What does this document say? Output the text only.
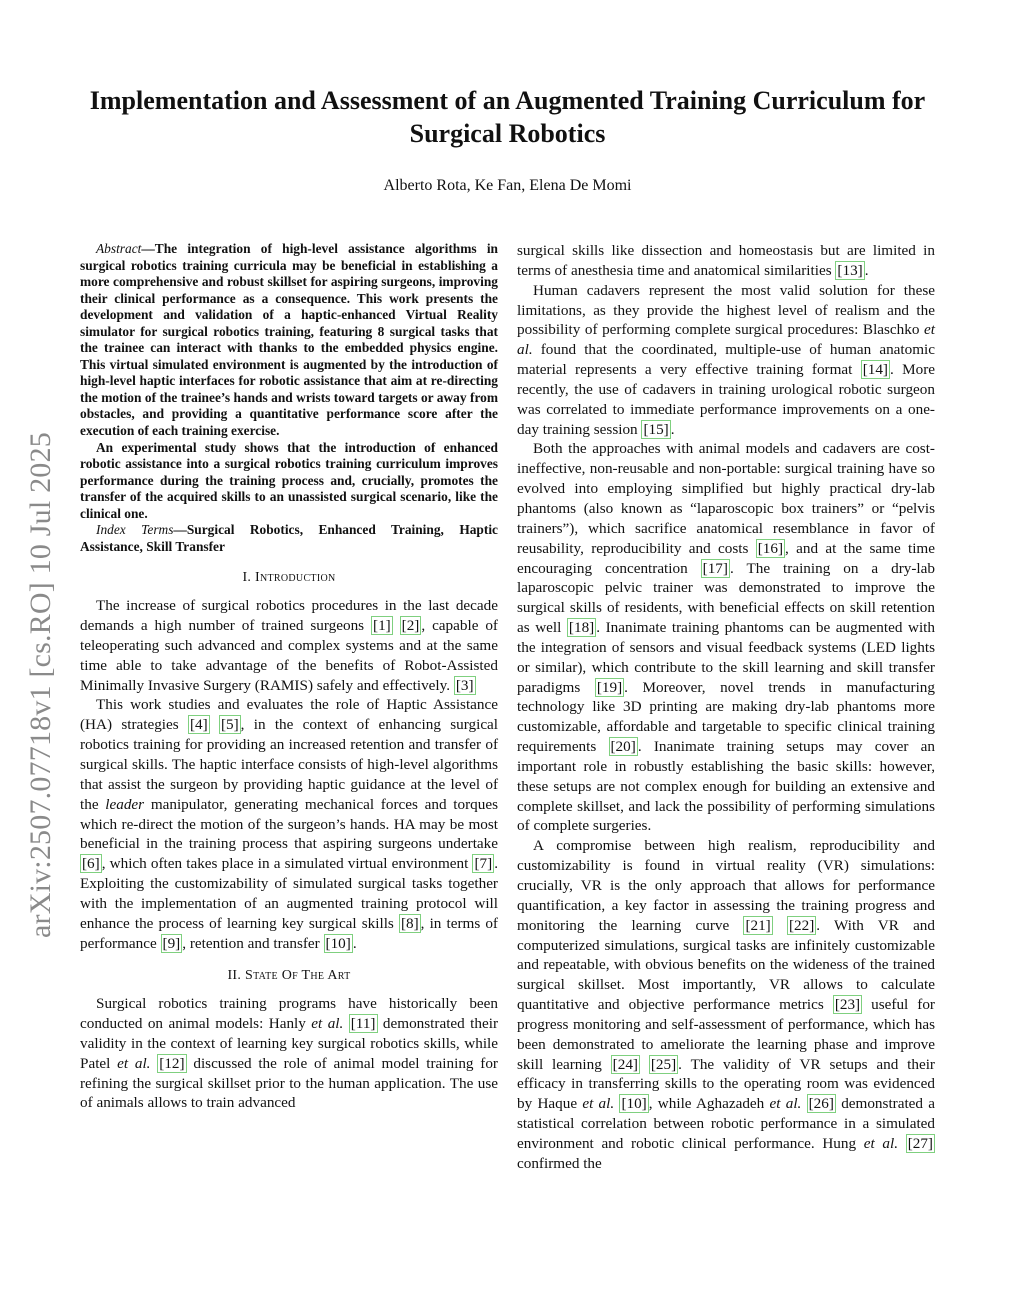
Implementation and Assessment of an Augmented Training Curriculum for Surgical Robotics
Alberto Rota, Ke Fan, Elena De Momi
arXiv:2507.07718v1 [cs.RO] 10 Jul 2025

Abstract—The integration of high-level assistance algorithms in surgical robotics training curricula may be beneficial in establishing a more comprehensive and robust skillset for aspiring surgeons, improving their clinical performance as a consequence. This work presents the development and validation of a haptic-enhanced Virtual Reality simulator for surgical robotics training, featuring 8 surgical tasks that the trainee can interact with thanks to the embedded physics engine. This virtual simulated environment is augmented by the introduction of high-level haptic interfaces for robotic assistance that aim at re-directing the motion of the trainee’s hands and wrists toward targets or away from obstacles, and providing a quantitative performance score after the execution of each training exercise.

An experimental study shows that the introduction of enhanced robotic assistance into a surgical robotics training curriculum improves performance during the training process and, crucially, promotes the transfer of the acquired skills to an unassisted surgical scenario, like the clinical one.

Index Terms—Surgical Robotics, Enhanced Training, Haptic Assistance, Skill Transfer

I. Introduction

The increase of surgical robotics procedures in the last decade demands a high number of trained surgeons [1] [2] , capable of teleoperating such advanced and complex systems and at the same time able to take advantage of the benefits of Robot-Assisted Minimally Invasive Surgery (RAMIS) safely and effectively. [3]

This work studies and evaluates the role of Haptic Assistance (HA) strategies [4] [5] , in the context of enhancing surgical robotics training for providing an increased retention and transfer of surgical skills. The haptic interface consists of high-level algorithms that assist the surgeon by providing haptic guidance at the level of the leader manipulator, generating mechanical forces and torques which re-direct the motion of the surgeon’s hands. HA may be most beneficial in the training process that aspiring surgeons undertake [6] , which often takes place in a simulated virtual environment [7] . Exploiting the customizability of simulated surgical tasks together with the implementation of an augmented training protocol will enhance the process of learning key surgical skills [8] , in terms of performance [9] , retention and transfer [10] .

II. State Of The Art

Surgical robotics training programs have historically been conducted on animal models: Hanly et al. [11] demonstrated their validity in the context of learning key surgical robotics skills, while Patel et al. [12] discussed the role of animal model training for refining the surgical skillset prior to the human application. The use of animals allows to train advanced

surgical skills like dissection and homeostasis but are limited in terms of anesthesia time and anatomical similarities [13] .

Human cadavers represent the most valid solution for these limitations, as they provide the highest level of realism and the possibility of performing complete surgical procedures: Blaschko et al. found that the coordinated, multiple-use of human anatomic material represents a very effective training format [14] . More recently, the use of cadavers in training urological robotic surgeon was correlated to immediate performance improvements on a one-day training session [15] .

Both the approaches with animal models and cadavers are cost-ineffective, non-reusable and non-portable: surgical training have so evolved into employing simplified but highly practical dry-lab phantoms (also known as “laparoscopic box trainers” or “pelvis trainers”), which sacrifice anatomical resemblance in favor of reusability, reproducibility and costs [16] , and at the same time encouraging concentration [17] . The training on a dry-lab laparoscopic pelvic trainer was demonstrated to improve the surgical skills of residents, with beneficial effects on skill retention as well [18] . Inanimate training phantoms can be augmented with the integration of sensors and visual feedback systems (LED lights or similar), which contribute to the skill learning and skill transfer paradigms [19] . Moreover, novel trends in manufacturing technology like 3D printing are making dry-lab phantoms more customizable, affordable and targetable to specific clinical training requirements [20] . Inanimate training setups may cover an important role in robustly establishing the basic skills: however, these setups are not complex enough for building an extensive and complete skillset, and lack the possibility of performing simulations of complete surgeries.

A compromise between high realism, reproducibility and customizability is found in virtual reality (VR) simulations: crucially, VR is the only approach that allows for performance quantification, a key factor in assessing the training progress and monitoring the learning curve [21] [22] . With VR and computerized simulations, surgical tasks are infinitely customizable and repeatable, with obvious benefits on the wideness of the trained surgical skillset. Most importantly, VR allows to calculate quantitative and objective performance metrics [23] useful for progress monitoring and self-assessment of performance, which has been demonstrated to ameliorate the learning phase and improve skill learning [24] [25] . The validity of VR setups and their efficacy in transferring skills to the operating room was evidenced by Haque et al. [10] , while Aghazadeh et al. [26] demonstrated a statistical correlation between robotic performance in a simulated environment and robotic clinical performance. Hung et al. [27] confirmed the
